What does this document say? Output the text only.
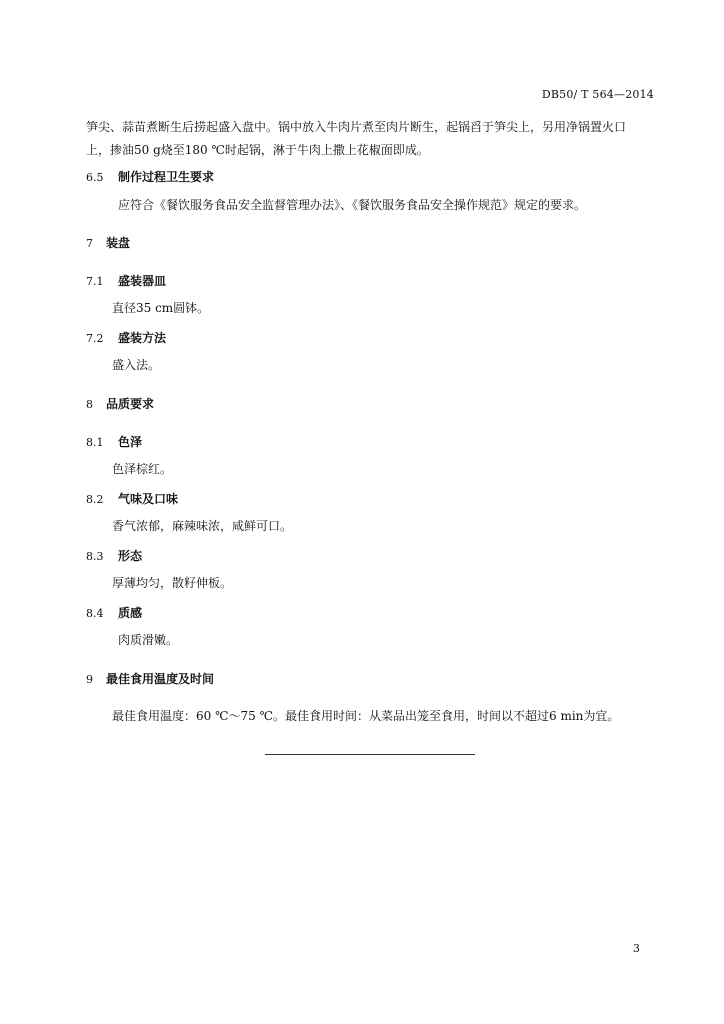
DB50/ T 564—2014
笋尖、蒜苗煮断生后捞起盛入盘中。锅中放入牛肉片煮至肉片断生，起锅舀于笋尖上，另用净锅置火口
上，掺油50 g烧至180 ℃时起锅，淋于牛肉上撒上花椒面即成。
6.5 制作过程卫生要求
应符合《餐饮服务食品安全监督管理办法》、《餐饮服务食品安全操作规范》规定的要求。
7 装盘
7.1 盛装器皿
直径35 cm圆钵。
7.2 盛装方法
盛入法。
8 品质要求
8.1 色泽
色泽棕红。
8.2 气味及口味
香气浓郁，麻辣味浓，咸鲜可口。
8.3 形态
厚薄均匀，散籽伸板。
8.4 质感
肉质滑嫩。
9 最佳食用温度及时间
最佳食用温度：60 ℃～75 ℃。最佳食用时间：从菜品出笼至食用，时间以不超过6 min为宜。
3
